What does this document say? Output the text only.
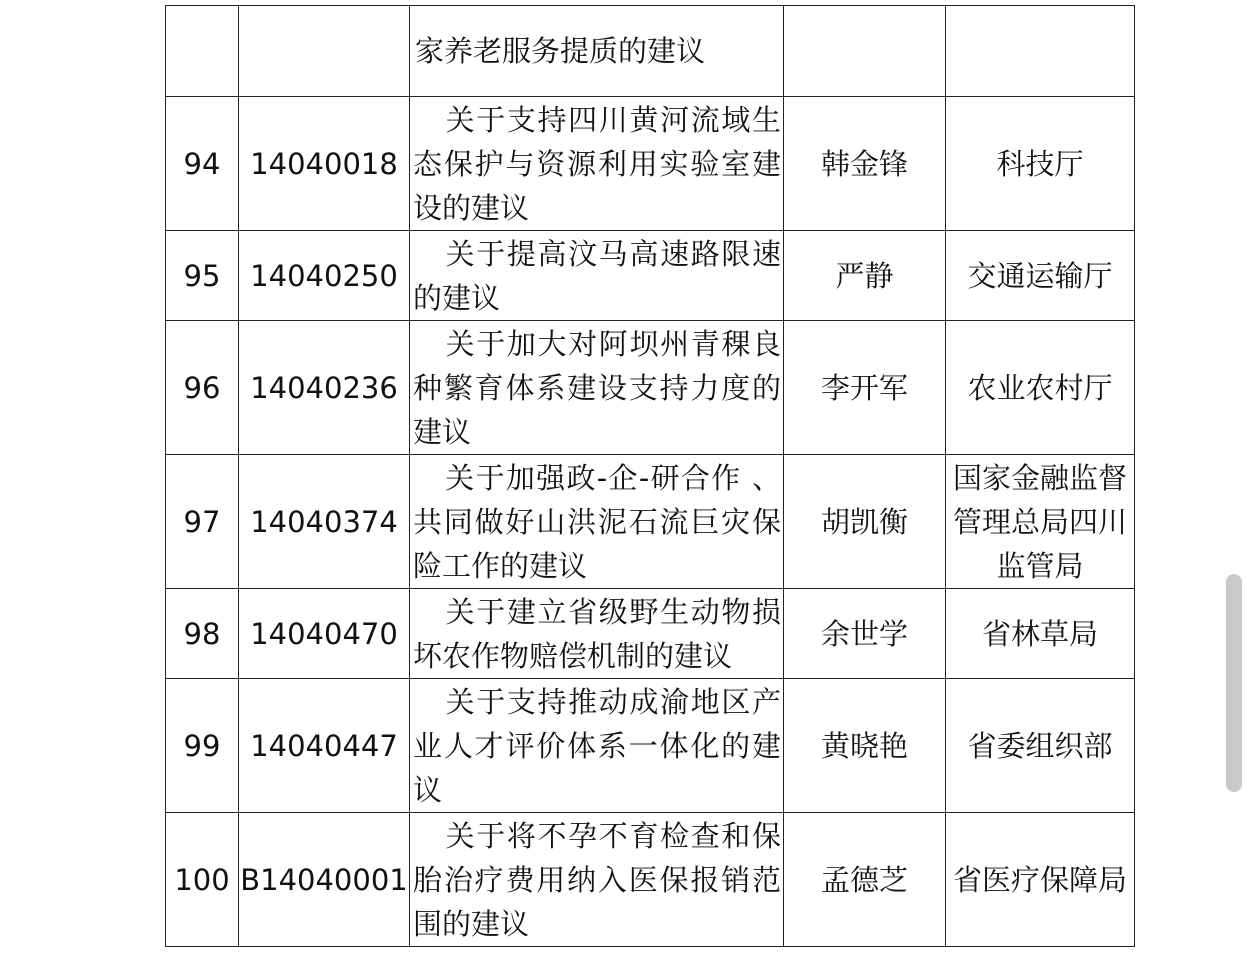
		家养老服务提质的建议		

94	14040018	　关于支持四川黄河流域生态保护与资源利用实验室建设的建议	韩金锋	科技厅
95	14040250	　关于提高汶马高速路限速的建议	严静	交通运输厅
96	14040236	　关于加大对阿坝州青稞良种繁育体系建设支持力度的建议	李开军	农业农村厅
97	14040374	　关于加强政-企-研合作 、共同做好山洪泥石流巨灾保险工作的建议	胡凯衡	国家金融监督管理总局四川监管局
98	14040470	　关于建立省级野生动物损坏农作物赔偿机制的建议	余世学	省林草局
99	14040447	　关于支持推动成渝地区产业人才评价体系一体化的建议	黄晓艳	省委组织部
100	B14040001	　关于将不孕不育检查和保胎治疗费用纳入医保报销范围的建议	孟德芝	省医疗保障局
